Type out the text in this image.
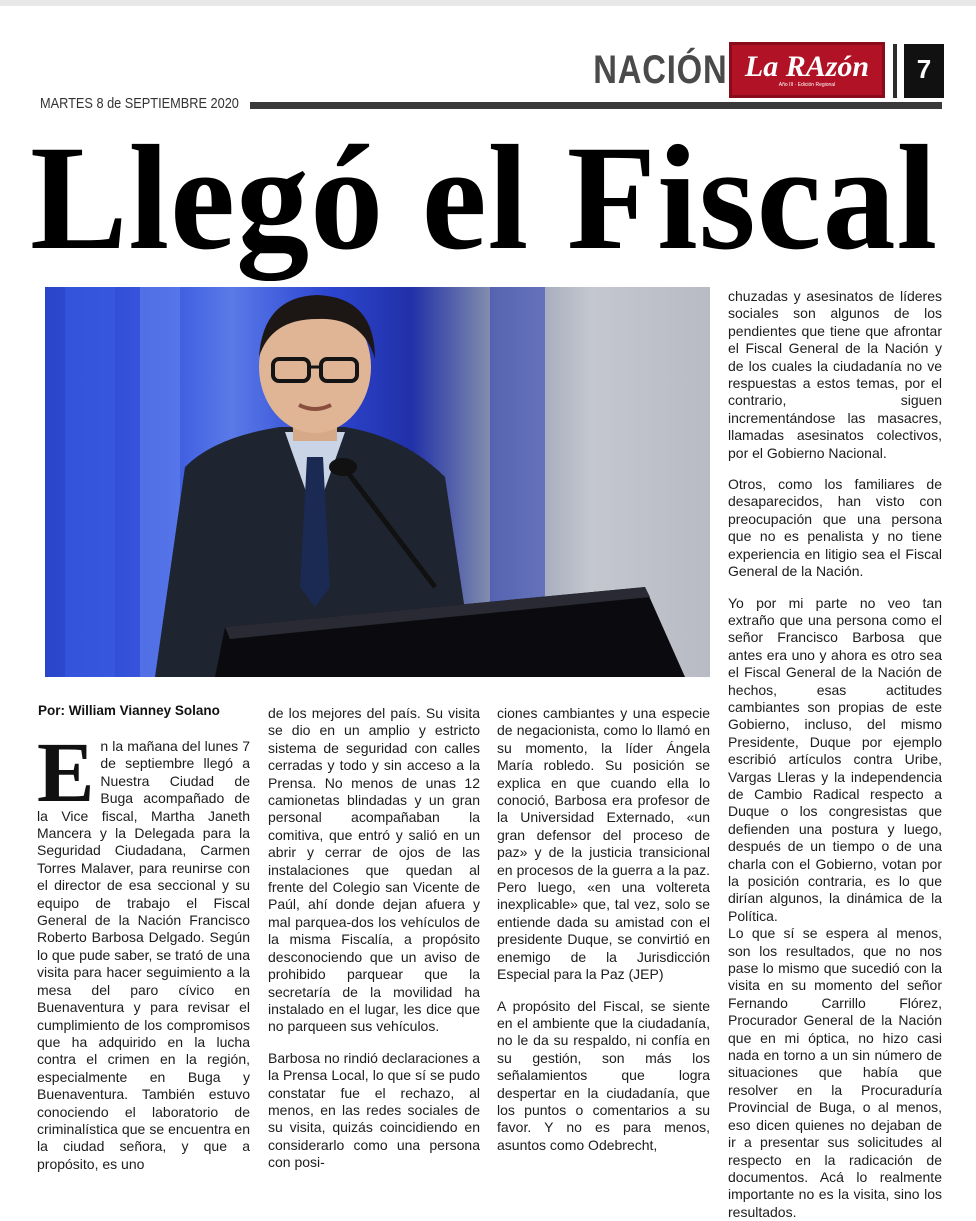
NACIÓN La RAzón
Año III · Edición Regional
7
MARTES 8 de SEPTIEMBRE 2020
Llegó el Fiscal
Por: William Vianney Solano

En la mañana del lunes 7 de septiembre llegó a Nuestra Ciudad de Buga acompañado de la Vice fiscal, Martha Janeth Mancera y la Delegada para la Seguridad Ciudadana, Carmen Torres Malaver, para reunirse con el director de esa seccional y su equipo de trabajo el Fiscal General de la Nación Francisco Roberto Barbosa Delgado. Según lo que pude saber, se trató de una visita para hacer seguimiento a la mesa del paro cívico en Buenaventura y para revisar el cumplimiento de los compromisos que ha adquirido en la lucha contra el crimen en la región, especialmente en Buga y Buenaventura. También estuvo conociendo el laboratorio de criminalística que se encuentra en la ciudad señora, y que a propósito, es uno

de los mejores del país. Su visita se dio en un amplio y estricto sistema de seguridad con calles cerradas y todo y sin acceso a la Prensa. No menos de unas 12 camionetas blindadas y un gran personal acompañaban la comitiva, que entró y salió en un abrir y cerrar de ojos de las instalaciones que quedan al frente del Colegio san Vicente de Paúl, ahí donde dejan afuera y mal parquea-dos los vehículos de la misma Fiscalía, a propósito desconociendo que un aviso de prohibido parquear que la secretaría de la movilidad ha instalado en el lugar, les dice que no parqueen sus vehículos.

Barbosa no rindió declaraciones a la Prensa Local, lo que sí se pudo constatar fue el rechazo, al menos, en las redes sociales de su visita, quizás coincidiendo en considerarlo como una persona con posi-

ciones cambiantes y una especie de negacionista, como lo llamó en su momento, la líder Ángela María robledo. Su posición se explica en que cuando ella lo conoció, Barbosa era profesor de la Universidad Externado, «un gran defensor del proceso de paz» y de la justicia transicional en procesos de la guerra a la paz. Pero luego, «en una voltereta inexplicable» que, tal vez, solo se entiende dada su amistad con el presidente Duque, se convirtió en enemigo de la Jurisdicción Especial para la Paz (JEP)

A propósito del Fiscal, se siente en el ambiente que la ciudadanía, no le da su respaldo, ni confía en su gestión, son más los señalamientos que logra despertar en la ciudadanía, que los puntos o comentarios a su favor. Y no es para menos, asuntos como Odebrecht,

chuzadas y asesinatos de líderes sociales son algunos de los pendientes que tiene que afrontar el Fiscal General de la Nación y de los cuales la ciudadanía no ve respuestas a estos temas, por el contrario, siguen incrementándose las masacres, llamadas asesinatos colectivos, por el Gobierno Nacional.

Otros, como los familiares de desaparecidos, han visto con preocupación que una persona que no es penalista y no tiene experiencia en litigio sea el Fiscal General de la Nación.

Yo por mi parte no veo tan extraño que una persona como el señor Francisco Barbosa que antes era uno y ahora es otro sea el Fiscal General de la Nación de hechos, esas actitudes cambiantes son propias de este Gobierno, incluso, del mismo Presidente, Duque por ejemplo escribió artículos contra Uribe, Vargas Lleras y la independencia de Cambio Radical respecto a Duque o los congresistas que defienden una postura y luego, después de un tiempo o de una charla con el Gobierno, votan por la posición contraria, es lo que dirían algunos, la dinámica de la Política.

Lo que sí se espera al menos, son los resultados, que no nos pase lo mismo que sucedió con la visita en su momento del señor Fernando Carrillo Flórez, Procurador General de la Nación que en mi óptica, no hizo casi nada en torno a un sin número de situaciones que había que resolver en la Procuraduría Provincial de Buga, o al menos, eso dicen quienes no dejaban de ir a presentar sus solicitudes al respecto en la radicación de documentos. Acá lo realmente importante no es la visita, sino los resultados.
